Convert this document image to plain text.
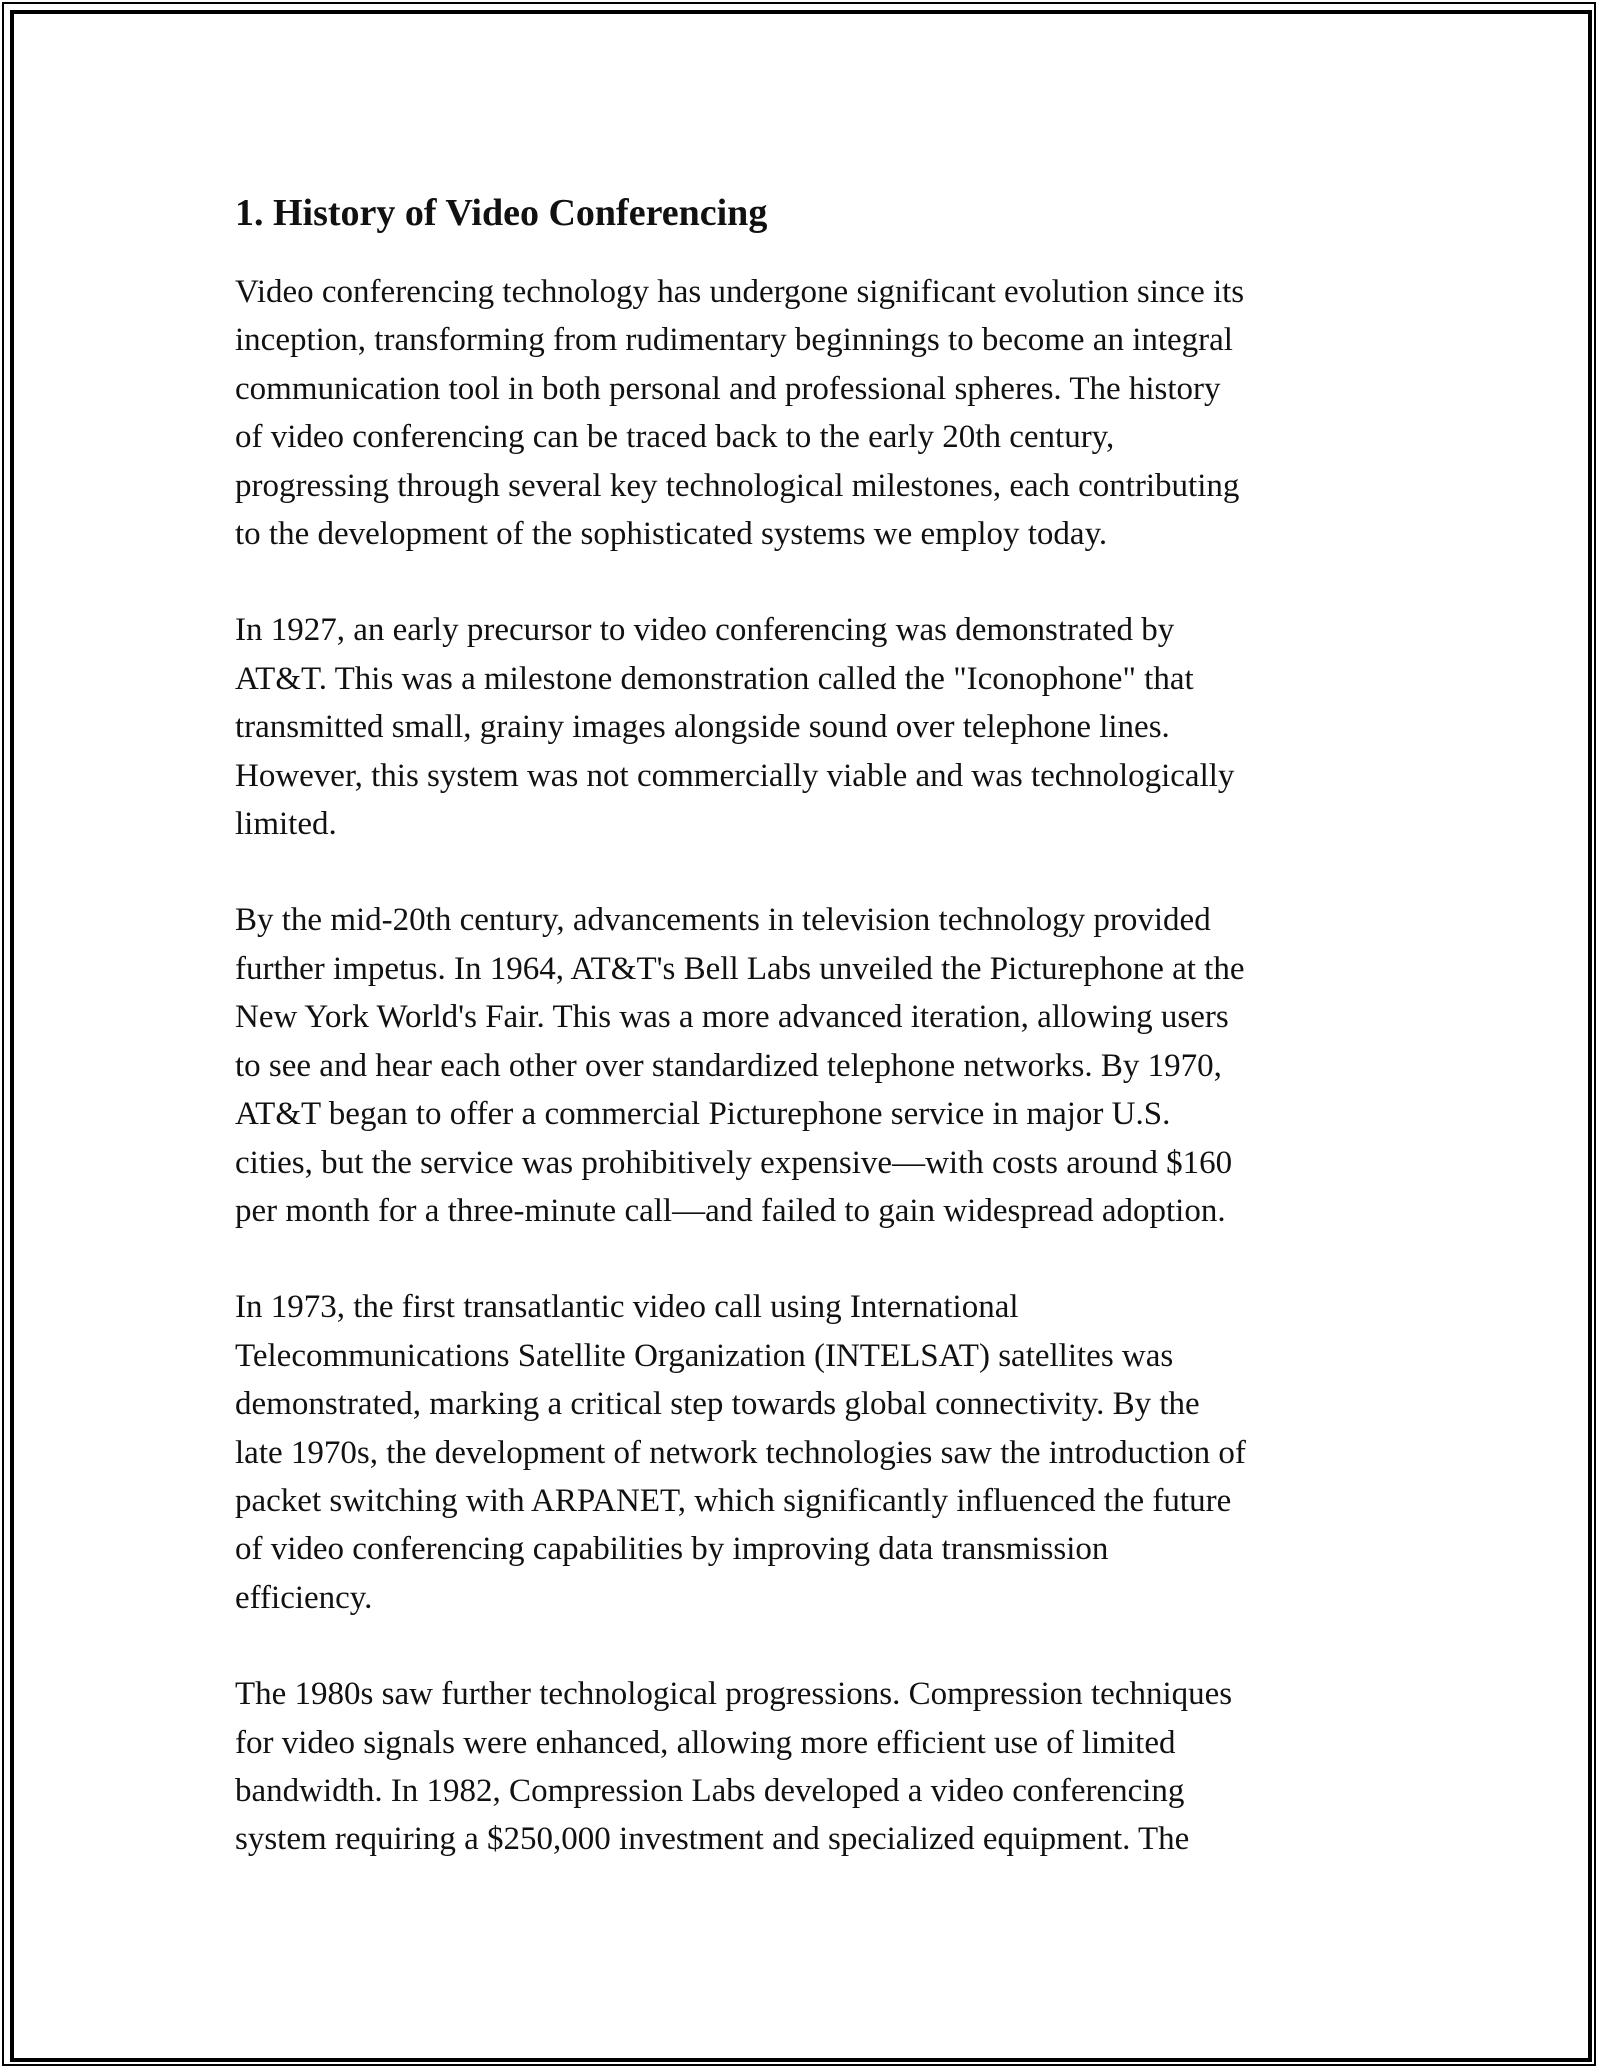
1. History of Video Conferencing

Video conferencing technology has undergone significant evolution since its
inception, transforming from rudimentary beginnings to become an integral
communication tool in both personal and professional spheres. The history
of video conferencing can be traced back to the early 20th century,
progressing through several key technological milestones, each contributing
to the development of the sophisticated systems we employ today.

In 1927, an early precursor to video conferencing was demonstrated by
AT&T. This was a milestone demonstration called the "Iconophone" that
transmitted small, grainy images alongside sound over telephone lines.
However, this system was not commercially viable and was technologically
limited.

By the mid-20th century, advancements in television technology provided
further impetus. In 1964, AT&T's Bell Labs unveiled the Picturephone at the
New York World's Fair. This was a more advanced iteration, allowing users
to see and hear each other over standardized telephone networks. By 1970,
AT&T began to offer a commercial Picturephone service in major U.S.
cities, but the service was prohibitively expensive—with costs around $160
per month for a three-minute call—and failed to gain widespread adoption.

In 1973, the first transatlantic video call using International
Telecommunications Satellite Organization (INTELSAT) satellites was
demonstrated, marking a critical step towards global connectivity. By the
late 1970s, the development of network technologies saw the introduction of
packet switching with ARPANET, which significantly influenced the future
of video conferencing capabilities by improving data transmission
efficiency.

The 1980s saw further technological progressions. Compression techniques
for video signals were enhanced, allowing more efficient use of limited
bandwidth. In 1982, Compression Labs developed a video conferencing
system requiring a $250,000 investment and specialized equipment. The
